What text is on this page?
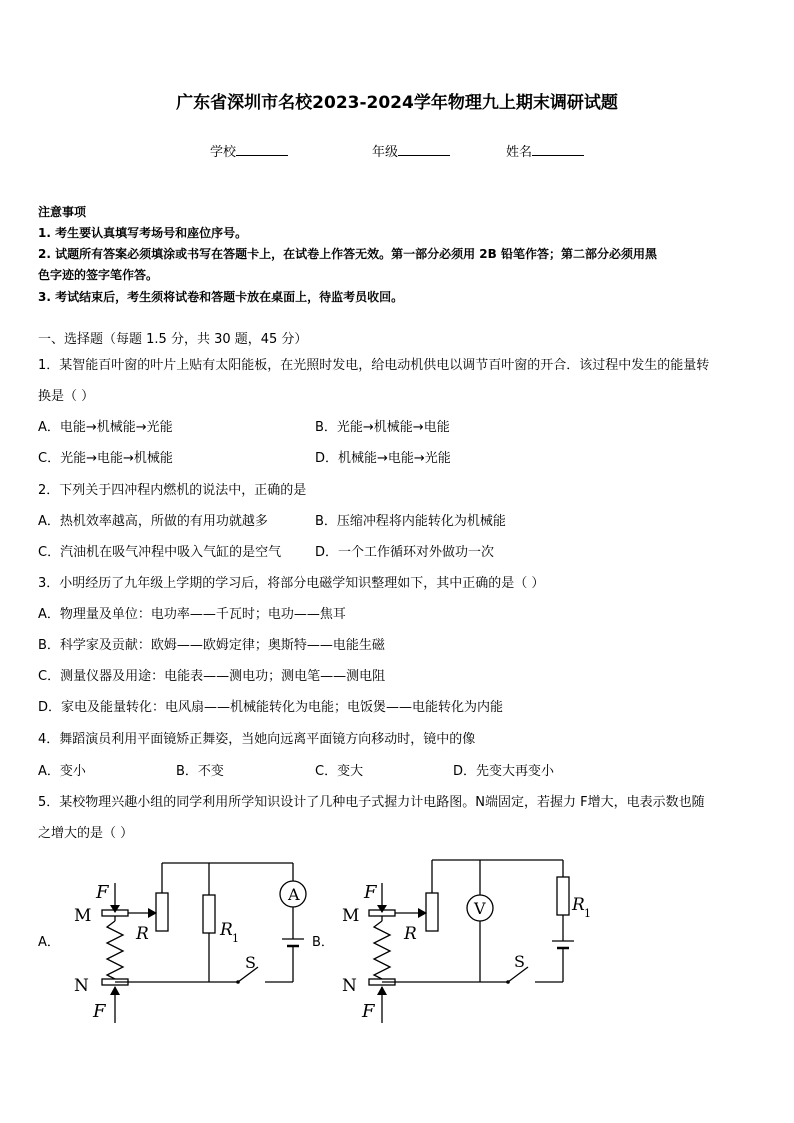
广东省深圳市名校2023-2024学年物理九上期末调研试题
学校	年级	姓名
注意事项
1. 考生要认真填写考场号和座位序号。
2. 试题所有答案必须填涂或书写在答题卡上，在试卷上作答无效。第一部分必须用 2B 铅笔作答；第二部分必须用黑
色字迹的签字笔作答。
3. 考试结束后，考生须将试卷和答题卡放在桌面上，待监考员收回。
一、选择题（每题 1.5 分，共 30 题，45 分）
1．某智能百叶窗的叶片上贴有太阳能板，在光照时发电，给电动机供电以调节百叶窗的开合．该过程中发生的能量转
换是（ ）
A．电能→机械能→光能	B．光能→机械能→电能
C．光能→电能→机械能	D．机械能→电能→光能
2．下列关于四冲程内燃机的说法中，正确的是
A．热机效率越高，所做的有用功就越多	B．压缩冲程将内能转化为机械能
C．汽油机在吸气冲程中吸入气缸的是空气	D．一个工作循环对外做功一次
3．小明经历了九年级上学期的学习后，将部分电磁学知识整理如下，其中正确的是（ ）
A．物理量及单位：电功率——千瓦时；电功——焦耳
B．科学家及贡献：欧姆——欧姆定律；奥斯特——电能生磁
C．测量仪器及用途：电能表——测电功；测电笔——测电阻
D．家电及能量转化：电风扇——机械能转化为电能；电饭煲——电能转化为内能
4．舞蹈演员利用平面镜矫正舞姿，当她向远离平面镜方向移动时，镜中的像
A．变小	B．不变	C．变大	D．先变大再变小
5．某校物理兴趣小组的同学利用所学知识设计了几种电子式握力计电路图。N端固定，若握力 F增大，电表示数也随
之增大的是（ ）
A．	B．
F
M
R	R 1
A
S
N
F
F
M
R
V	R 1
S
N
F
